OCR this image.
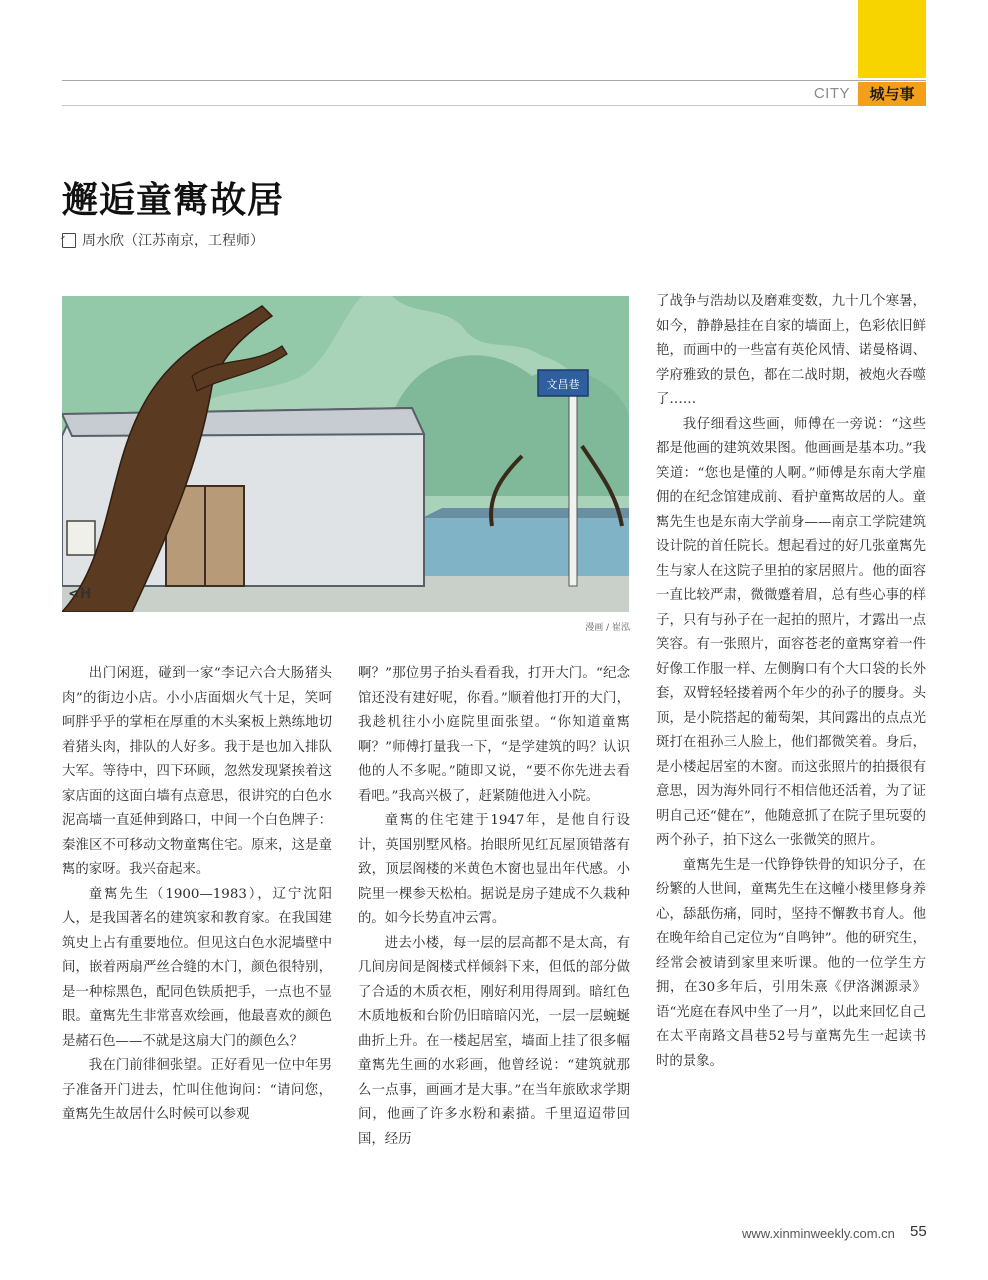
CITY	城与事
邂逅童寯故居
周水欣（江苏南京，工程师）
文昌巷
<H
漫画 / 崔泓

出门闲逛，碰到一家“李记六合大肠猪头肉”的街边小店。小小店面烟火气十足，笑呵呵胖乎乎的掌柜在厚重的木头案板上熟练地切着猪头肉，排队的人好多。我于是也加入排队大军。等待中，四下环顾，忽然发现紧挨着这家店面的这面白墙有点意思，很讲究的白色水泥高墙一直延伸到路口，中间一个白色牌子：秦淮区不可移动文物童寯住宅。原来，这是童寯的家呀。我兴奋起来。

童寯先生（1900—1983），辽宁沈阳人，是我国著名的建筑家和教育家。在我国建筑史上占有重要地位。但见这白色水泥墙壁中间，嵌着两扇严丝合缝的木门，颜色很特别，是一种棕黑色，配同色铁质把手，一点也不显眼。童寯先生非常喜欢绘画，他最喜欢的颜色是赭石色——不就是这扇大门的颜色么？

我在门前徘徊张望。正好看见一位中年男子准备开门进去，忙叫住他询问：“请问您，童寯先生故居什么时候可以参观

啊？”那位男子抬头看看我，打开大门。“纪念馆还没有建好呢，你看。”顺着他打开的大门，我趁机往小小庭院里面张望。“你知道童寯啊？”师傅打量我一下，“是学建筑的吗？认识他的人不多呢。”随即又说，“要不你先进去看看吧。”我高兴极了，赶紧随他进入小院。

童寯的住宅建于1947年，是他自行设计，英国别墅风格。抬眼所见红瓦屋顶错落有致，顶层阁楼的米黄色木窗也显出年代感。小院里一棵参天松柏。据说是房子建成不久栽种的。如今长势直冲云霄。

进去小楼，每一层的层高都不是太高，有几间房间是阁楼式样倾斜下来，但低的部分做了合适的木质衣柜，刚好利用得周到。暗红色木质地板和台阶仍旧暗暗闪光，一层一层蜿蜒曲折上升。在一楼起居室，墙面上挂了很多幅童寯先生画的水彩画，他曾经说：“建筑就那么一点事，画画才是大事。”在当年旅欧求学期间，他画了许多水粉和素描。千里迢迢带回国，经历

了战争与浩劫以及磨难变数，九十几个寒暑，如今，静静悬挂在自家的墙面上，色彩依旧鲜艳，而画中的一些富有英伦风情、诺曼格调、学府雅致的景色，都在二战时期，被炮火吞噬了……

我仔细看这些画，师傅在一旁说：“这些都是他画的建筑效果图。他画画是基本功。”我笑道：“您也是懂的人啊。”师傅是东南大学雇佣的在纪念馆建成前、看护童寯故居的人。童寯先生也是东南大学前身——南京工学院建筑设计院的首任院长。想起看过的好几张童寯先生与家人在这院子里拍的家居照片。他的面容一直比较严肃，微微蹙着眉，总有些心事的样子，只有与孙子在一起拍的照片，才露出一点笑容。有一张照片，面容苍老的童寯穿着一件好像工作服一样、左侧胸口有个大口袋的长外套，双臂轻轻搂着两个年少的孙子的腰身。头顶，是小院搭起的葡萄架，其间露出的点点光斑打在祖孙三人脸上，他们都微笑着。身后，是小楼起居室的木窗。而这张照片的拍摄很有意思，因为海外同行不相信他还活着，为了证明自己还“健在”，他随意抓了在院子里玩耍的两个孙子，拍下这么一张微笑的照片。

童寯先生是一代铮铮铁骨的知识分子，在纷繁的人世间，童寯先生在这幢小楼里修身养心，舔舐伤痛，同时，坚持不懈教书育人。他在晚年给自己定位为“自鸣钟”。他的研究生，经常会被请到家里来听课。他的一位学生方拥，在30多年后，引用朱熹《伊洛渊源录》语“光庭在春风中坐了一月”，以此来回忆自己在太平南路文昌巷52号与童寯先生一起读书时的景象。

www.xinminweekly.com.cn 55
